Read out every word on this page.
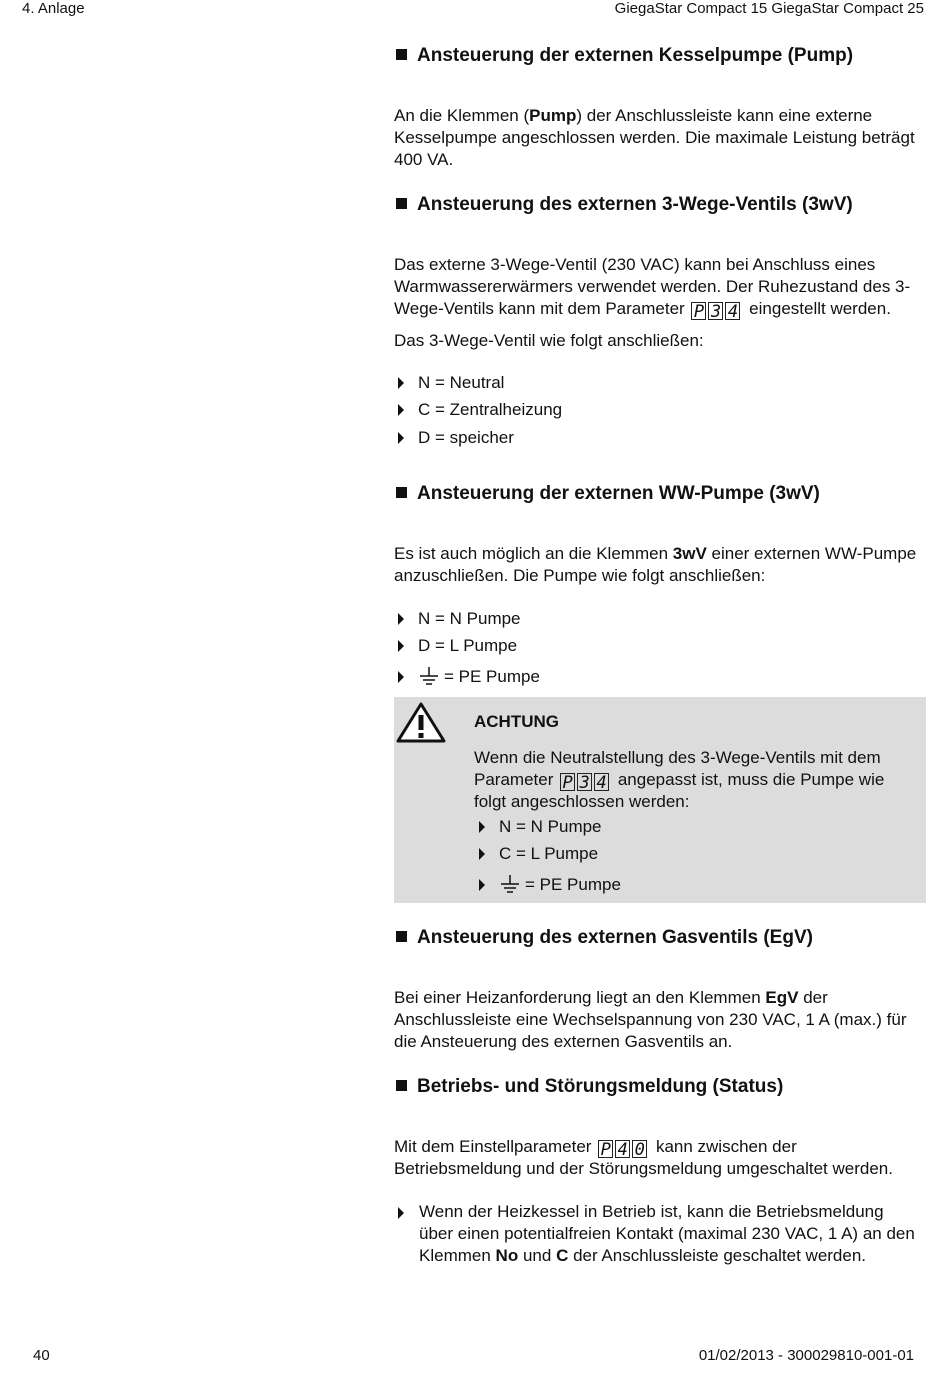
4. Anlage	GiegaStar Compact 15 GiegaStar Compact 25
Ansteuerung der externen Kesselpumpe (Pump)

An die Klemmen (Pump) der Anschlussleiste kann eine externe

Kesselpumpe angeschlossen werden. Die maximale Leistung beträgt

400 VA.

Ansteuerung des externen 3-Wege-Ventils (3wV)

Das externe 3-Wege-Ventil (230 VAC) kann bei Anschluss eines

Warmwassererwärmers verwendet werden. Der Ruhezustand des 3-

Wege-Ventils kann mit dem Parameter P 3 4 eingestellt werden.

Das 3-Wege-Ventil wie folgt anschließen:
N = Neutral
C = Zentralheizung
D = speicher
Ansteuerung der externen WW-Pumpe (3wV)

Es ist auch möglich an die Klemmen 3wV einer externen WW-Pumpe

anzuschließen. Die Pumpe wie folgt anschließen:

N = N Pumpe
D = L Pumpe
= PE Pumpe
ACHTUNG
Wenn die Neutralstellung des 3-Wege-Ventils mit dem
Parameter P 3 4 angepasst ist, muss die Pumpe wie
folgt angeschlossen werden:
N = N Pumpe
C = L Pumpe
= PE Pumpe
Ansteuerung des externen Gasventils (EgV)

Bei einer Heizanforderung liegt an den Klemmen EgV der

Anschlussleiste eine Wechselspannung von 230 VAC, 1 A (max.) für

die Ansteuerung des externen Gasventils an.

Betriebs- und Störungsmeldung (Status)

Mit dem Einstellparameter P 4 0 kann zwischen der

Betriebsmeldung und der Störungsmeldung umgeschaltet werden.

Wenn der Heizkessel in Betrieb ist, kann die Betriebsmeldung
über einen potentialfreien Kontakt (maximal 230 VAC, 1 A) an den
Klemmen No und C der Anschlussleiste geschaltet werden.
40	01/02/2013 - 300029810-001-01
